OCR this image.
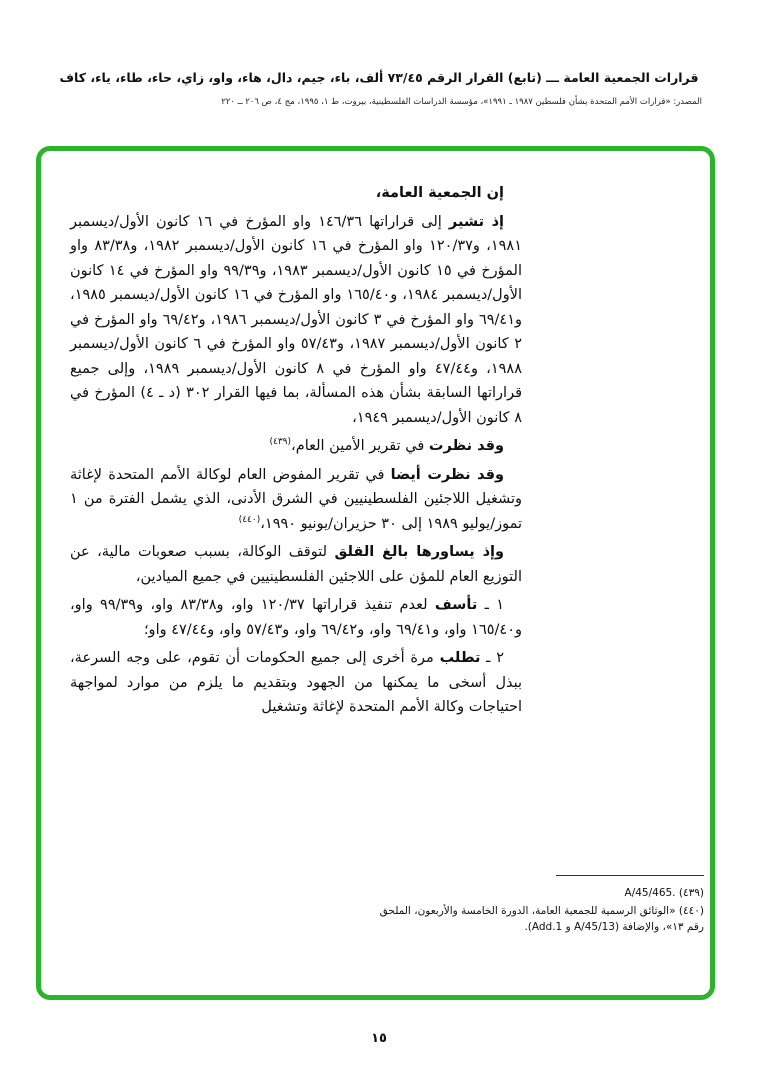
قرارات الجمعية العامة ـــ (تابع) القرار الرقم ٧٣/٤٥ ألف، باء، جيم، دال، هاء، واو، زاي، حاء، طاء، ياء، كاف
المصدر: «قرارات الأمم المتحدة بشأن فلسطين ١٩٨٧ ـ ١٩٩١»، مؤسسة الدراسات الفلسطينية، بيروت، ط ١، ١٩٩٥، مج ٤، ص ٢٠٦ ــ ٢٢٠

إن الجمعية العامة،

إذ تشير إلى قراراتها ١٤٦/٣٦ واو المؤرخ في ١٦ كانون الأول/ديسمبر ١٩٨١، و١٢٠/٣٧ واو المؤرخ في ١٦ كانون الأول/ديسمبر ١٩٨٢، و٨٣/٣٨ واو المؤرخ في ١٥ كانون الأول/ديسمبر ١٩٨٣، و٩٩/٣٩ واو المؤرخ في ١٤ كانون الأول/ديسمبر ١٩٨٤، و١٦٥/٤٠ واو المؤرخ في ١٦ كانون الأول/ديسمبر ١٩٨٥، و٦٩/٤١ واو المؤرخ في ٣ كانون الأول/ديسمبر ١٩٨٦، و٦٩/٤٢ واو المؤرخ في ٢ كانون الأول/ديسمبر ١٩٨٧، و٥٧/٤٣ واو المؤرخ في ٦ كانون الأول/ديسمبر ١٩٨٨، و٤٧/٤٤ واو المؤرخ في ٨ كانون الأول/ديسمبر ١٩٨٩، وإلى جميع قراراتها السابقة بشأن هذه المسألة، بما فيها القرار ٣٠٢ (د ـ ٤) المؤرخ في ٨ كانون الأول/ديسمبر ١٩٤٩،

وقد نظرت في تقرير الأمين العام،$^{(٤٣٩)}$

وقد نظرت أيضا في تقرير المفوض العام لوكالة الأمم المتحدة لإغاثة وتشغيل اللاجئين الفلسطينيين في الشرق الأدنى، الذي يشمل الفترة من ١ تموز/يوليو ١٩٨٩ إلى ٣٠ حزيران/يونيو ١٩٩٠،$^{(٤٤٠)}$

وإذ يساورها بالغ القلق لتوقف الوكالة، بسبب صعوبات مالية، عن التوزيع العام للمؤن على اللاجئين الفلسطينيين في جميع الميادين،

١ ـ تأسف لعدم تنفيذ قراراتها ١٢٠/٣٧ واو، و٨٣/٣٨ واو، و٩٩/٣٩ واو، و١٦٥/٤٠ واو، و٦٩/٤١ واو، و٦٩/٤٢ واو، و٥٧/٤٣ واو، و٤٧/٤٤ واو؛

٢ ـ تطلب مرة أخرى إلى جميع الحكومات أن تقوم، على وجه السرعة، ببذل أسخى ما يمكنها من الجهود وبتقديم ما يلزم من موارد لمواجهة احتياجات وكالة الأمم المتحدة لإغاثة وتشغيل

(٤٣٩) A/45/465.
(٤٤٠) «الوثائق الرسمية للجمعية العامة، الدورة الخامسة والأربعون، الملحق رقم ١٣»، والإضافة (A/45/13 و Add.1).
١٥
